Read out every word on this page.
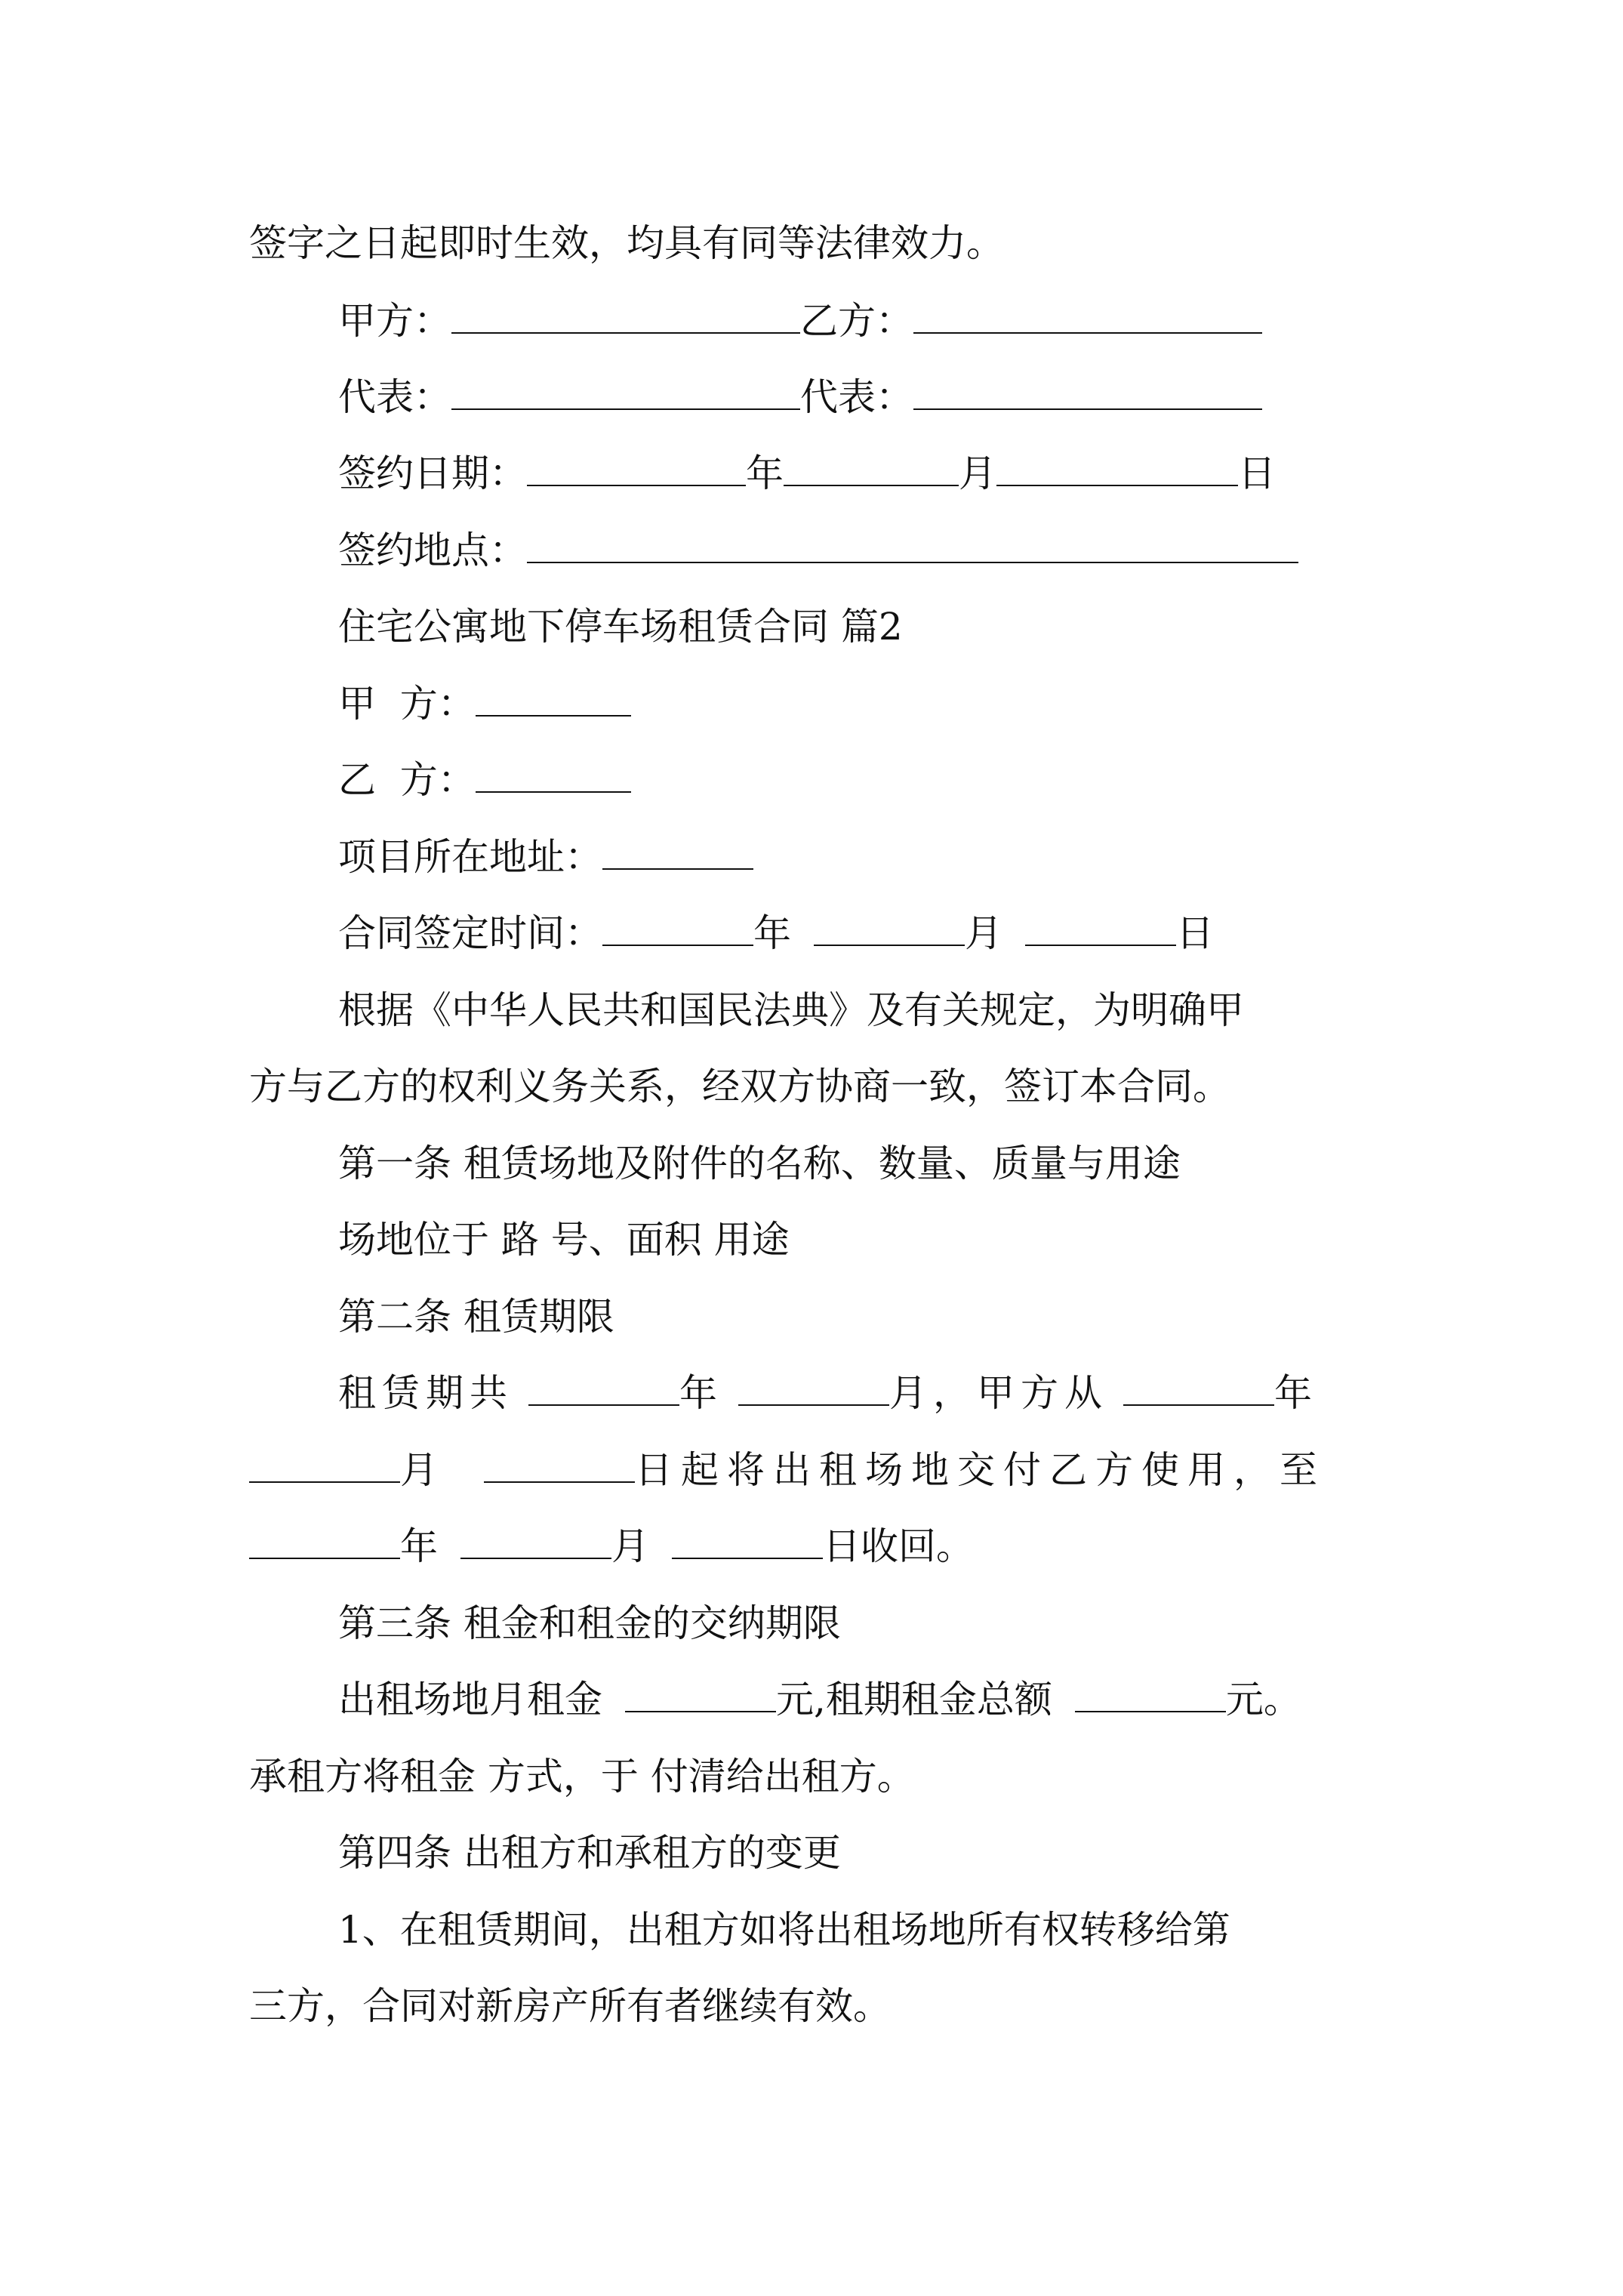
签字之日起即时生效，均具有同等法律效力。
甲方：	乙方：
代表：	代表：
签约日期：	年	月	日
签约地点：
住宅公寓地下停车场租赁合同 篇2
甲  方：
乙  方：
项目所在地址：
合同签定时间：	年	月	日
根据《中华人民共和国民法典》及有关规定，为明确甲
方与乙方的权利义务关系，经双方协商一致，签订本合同。
第一条 租赁场地及附件的名称、数量、质量与用途
场地位于 路 号、面积 用途
第二条 租赁期限
租赁期共	年	月，甲方从	年
月	日起将出租场地交付乙方使用，至
年	月	日收回。
第三条 租金和租金的交纳期限
出租场地月租金	元,租期租金总额	元。
承租方将租金 方式，于 付清给出租方。
第四条 出租方和承租方的变更
1、在租赁期间，出租方如将出租场地所有权转移给第
三方，合同对新房产所有者继续有效。
